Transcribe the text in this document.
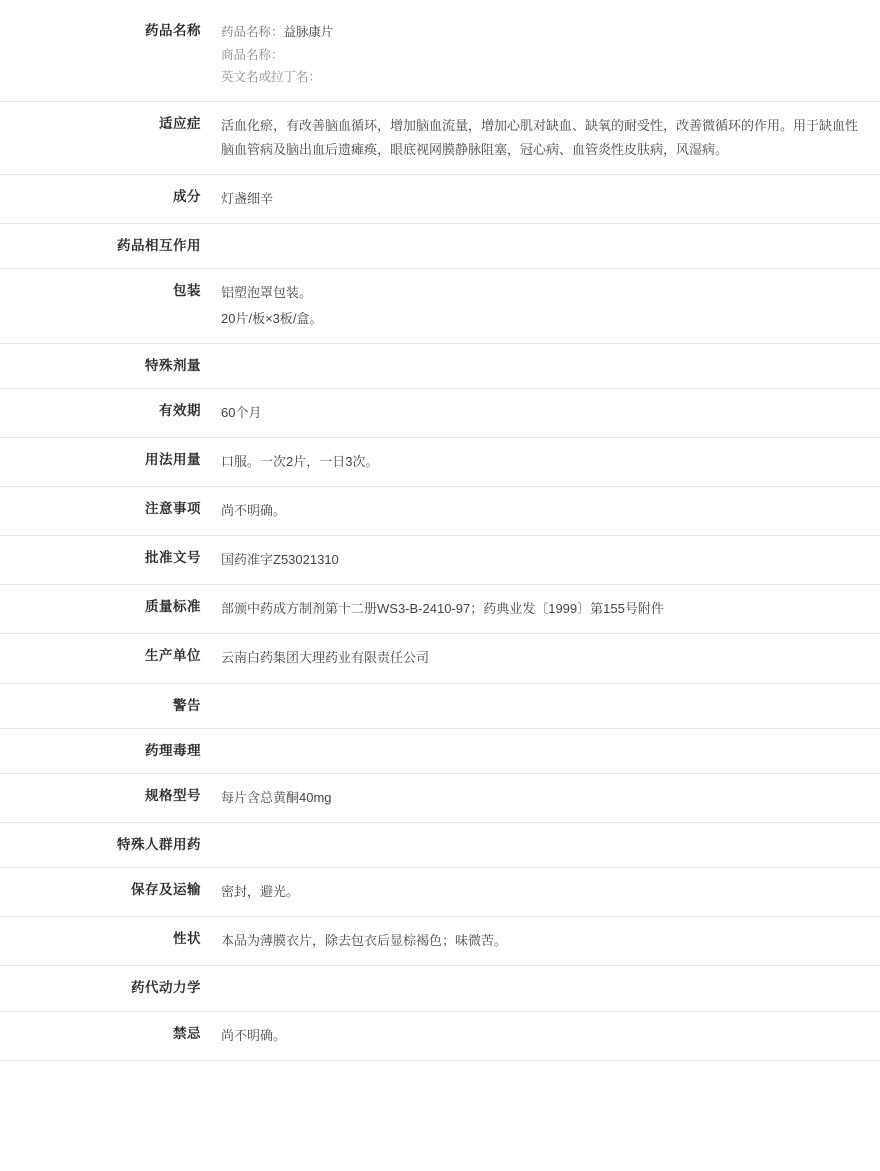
药品名称	药品名称：益脉康片
商品名称：
英文名或拉丁名：

适应症	活血化瘀，有改善脑血循环，增加脑血流量，增加心肌对缺血、缺氧的耐受性，改善微循环的作用。用于缺血性脑血管病及脑出血后遗瘫痪，眼底视网膜静脉阻塞，冠心病、血管炎性皮肤病，风湿病。

成分	灯盏细辛

药品相互作用	

包装	铝塑泡罩包装。
20片/板×3板/盒。

特殊剂量	

有效期	60个月

用法用量	口服。一次2片，一日3次。

注意事项	尚不明确。

批准文号	国药准字Z53021310

质量标准	部颁中药成方制剂第十二册WS3-B-2410-97；药典业发〔1999〕第155号附件

生产单位	云南白药集团大理药业有限责任公司

警告	

药理毒理	

规格型号	每片含总黄酮40mg

特殊人群用药	

保存及运输	密封，避光。

性状	本品为薄膜衣片，除去包衣后显棕褐色；味微苦。

药代动力学	

禁忌	尚不明确。
